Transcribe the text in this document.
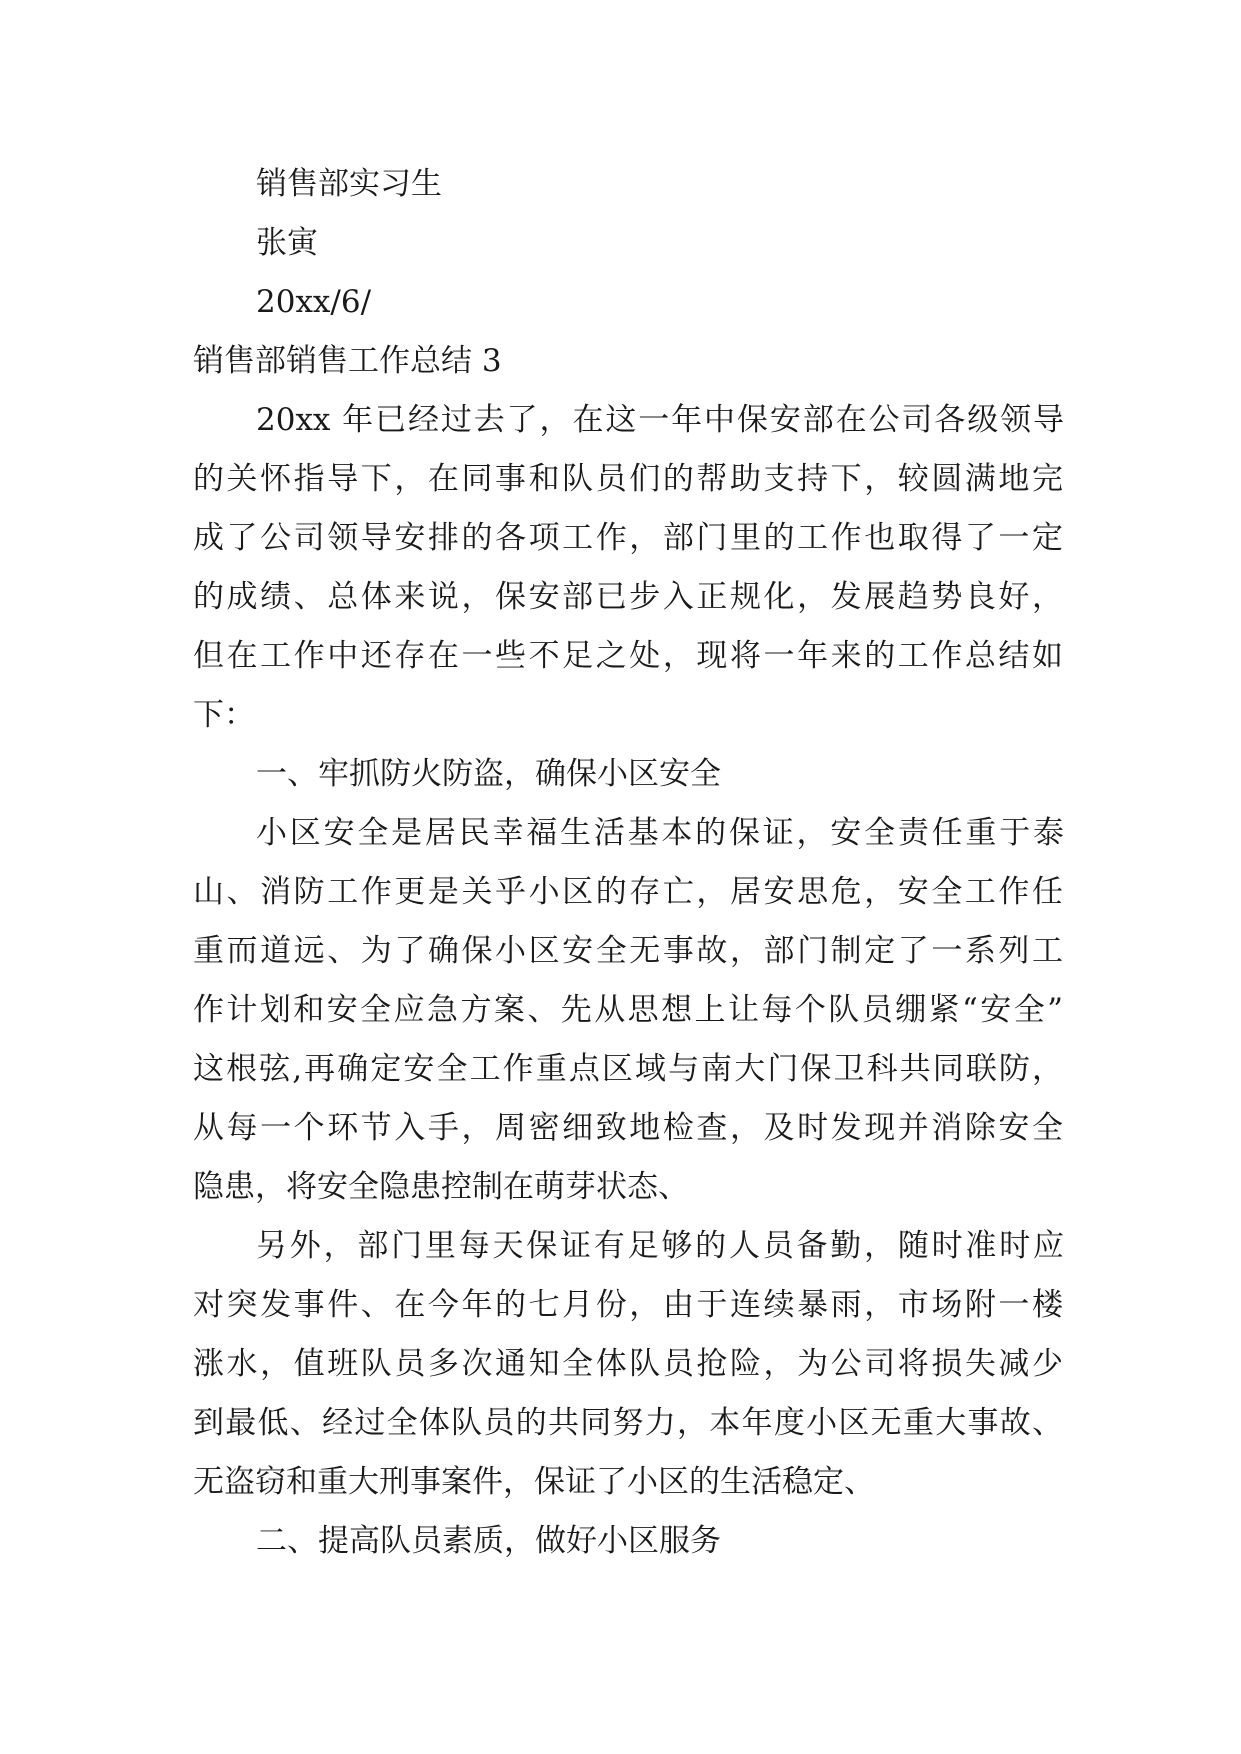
销售部实习生
张寅
20xx/6/
销售部销售工作总结 3
20xx 年已经过去了，在这一年中保安部在公司各级领导
的关怀指导下，在同事和队员们的帮助支持下，较圆满地完
成了公司领导安排的各项工作，部门里的工作也取得了一定
的成绩、总体来说，保安部已步入正规化，发展趋势良好，
但在工作中还存在一些不足之处，现将一年来的工作总结如
下：
一、牢抓防火防盗，确保小区安全
小区安全是居民幸福生活基本的保证，安全责任重于泰
山、消防工作更是关乎小区的存亡，居安思危，安全工作任
重而道远、为了确保小区安全无事故，部门制定了一系列工
作计划和安全应急方案、先从思想上让每个队员绷紧“安全”
这根弦,再确定安全工作重点区域与南大门保卫科共同联防，
从每一个环节入手，周密细致地检查，及时发现并消除安全
隐患，将安全隐患控制在萌芽状态、
另外，部门里每天保证有足够的人员备勤，随时准时应
对突发事件、在今年的七月份，由于连续暴雨，市场附一楼
涨水，值班队员多次通知全体队员抢险，为公司将损失减少
到最低、经过全体队员的共同努力，本年度小区无重大事故、
无盗窃和重大刑事案件，保证了小区的生活稳定、
二、提高队员素质，做好小区服务
